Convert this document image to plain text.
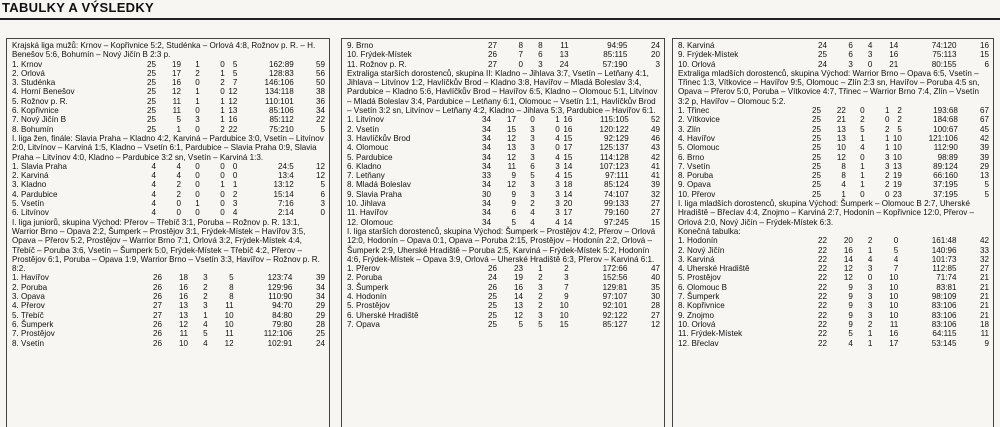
TABULKY A VÝSLEDKY

Krajská liga mužů: Krnov – Kopřivnice 5:2, Studénka – Orlová 4:8, Rožnov p. R. – H. Benešov 5:6, Bohumín – Nový Jičín B 2:3 p.

1. Krnov	25	19	1	0	5	162:89	59
2. Orlová	25	17	2	1	5	128:83	56
3. Studénka	25	16	0	2	7	146:106	50
4. Horní Benešov	25	12	1	0	12	134:118	38
5. Rožnov p. R.	25	11	1	1	12	110:101	36
6. Kopřivnice	25	11	0	1	13	85:106	34
7. Nový Jičín B	25	5	3	1	16	85:112	22
8. Bohumín	25	1	0	2	22	75:210	5

I. liga žen, finále: Slavia Praha – Kladno 4:2, Karviná – Pardubice 3:0, Vsetín – Litvínov 2:0, Litvínov – Karviná 1:5, Kladno – Vsetín 6:1, Pardubice – Slavia Praha 0:9, Slavia Praha – Litvínov 4:0, Kladno – Pardubice 3:2 sn, Vsetín – Karviná 1:3.

1. Slavia Praha	4	4	0	0	0	24:5	12
2. Karviná	4	4	0	0	0	13:4	12
3. Kladno	4	2	0	1	1	13:12	5
4. Pardubice	4	2	0	0	2	15:14	6
5. Vsetín	4	0	1	0	3	7:16	3
6. Litvínov	4	0	0	0	4	2:14	0

I. liga juniorů, skupina Východ: Přerov – Třebíč 3:1, Poruba – Rožnov p. R. 13:1, Warrior Brno – Opava 2:2, Šumperk – Prostějov 3:1, Frýdek-Místek – Havířov 3:5, Opava – Přerov 5:2, Prostějov – Warrior Brno 7:1, Orlová 3:2, Frýdek-Místek 4:4, Třebíč – Poruba 3:6, Vsetín – Šumperk 5:0, Frýdek-Místek – Třebíč 4:2, Přerov – Prostějov 6:1, Poruba – Opava 1:9, Warrior Brno – Vsetín 3:3, Havířov – Rožnov p. R. 8:2.

1. Havířov	26	18	3	5	123:74	39
2. Poruba	26	16	2	8	129:96	34
3. Opava	26	16	2	8	110:90	34
4. Přerov	27	13	3	11	94:70	29
5. Třebíč	27	13	1	10	84:80	29
6. Šumperk	26	12	4	10	79:80	28
7. Prostějov	26	11	5	11	112:106	25
8. Vsetín	26	10	4	12	102:91	24
9. Brno	27	8	8	11	94:95	24
10. Frýdek-Místek	26	7	6	13	85:115	20
11. Rožnov p. R.	27	0	3	24	57:190	3

Extraliga starších dorostenců, skupina II: Kladno – Jihlava 3:7, Vsetín – Letňany 4:1, Jihlava – Litvínov 1:2, Havlíčkův Brod – Kladno 3:8, Havířov – Mladá Boleslav 3:4, Pardubice – Kladno 5:6, Havlíčkův Brod – Havířov 6:5, Kladno – Olomouc 5:1, Litvínov – Mladá Boleslav 3:4, Pardubice – Letňany 6:1, Olomouc – Vsetín 1:1, Havlíčkův Brod – Vsetín 3:2 sn, Litvínov – Letňany 4:2, Kladno – Jihlava 5:3, Pardubice – Havířov 6:1.

1. Litvínov	34	17	0	1	16	115:105	52
2. Vsetín	34	15	3	0	16	120:122	49
3. Havlíčkův Brod	34	12	3	4	15	92:129	46
4. Olomouc	34	13	3	0	17	125:137	43
5. Pardubice	34	12	3	4	15	114:128	42
6. Kladno	34	11	6	3	14	107:123	41
7. Letňany	33	9	5	4	15	97:111	41
8. Mladá Boleslav	34	12	3	3	18	85:124	39
9. Slavia Praha	30	9	3	3	14	74:107	32
10. Jihlava	34	9	2	3	20	99:133	27
11. Havířov	34	6	4	3	17	79:160	27
12. Olomouc	34	5	4	4	14	97:245	15

I. liga starších dorostenců, skupina Východ: Šumperk – Prostějov 4:2, Přerov – Orlová 12:0, Hodonín – Opava 0:1, Opava – Poruba 2:15, Prostějov – Hodonín 2:2, Orlová – Šumperk 2:9, Uherské Hradiště – Poruba 2:5, Karviná – Frýdek-Místek 5:2, Hodonín 4:6, Frýdek-Místek – Opava 3:9, Orlová – Uherské Hradiště 6:3, Přerov – Karviná 6:1.

1. Přerov	26	23	1	2	172:66	47
2. Poruba	24	19	2	3	152:56	40
3. Šumperk	26	16	3	7	129:81	35
4. Hodonín	25	14	2	9	97:107	30
5. Prostějov	25	13	2	10	92:101	28
6. Uherské Hradiště	25	12	3	10	92:122	27
7. Opava	25	5	5	15	85:127	12
8. Karviná	24	6	4	14	74:120	16
9. Frýdek-Místek	25	6	3	16	75:113	15
10. Orlová	24	3	0	21	80:155	6

Extraliga mladších dorostenců, skupina Východ: Warrior Brno – Opava 6:5, Vsetín – Třinec 1:3, Vítkovice – Havířov 9:5, Olomouc – Zlín 2:3 sn, Havířov – Poruba 4:5 sn, Opava – Přerov 5:0, Poruba – Vítkovice 4:7, Třinec – Warrior Brno 7:4, Zlín – Vsetín 3:2 p, Havířov – Olomouc 5:2.

1. Třinec	25	22	0	1	2	193:68	67
2. Vítkovice	25	21	2	0	2	184:68	67
3. Zlín	25	13	5	2	5	100:67	45
4. Havířov	25	13	1	1	10	121:106	42
5. Olomouc	25	10	4	1	10	112:90	39
6. Brno	25	12	0	3	10	98:89	39
7. Vsetín	25	8	1	3	13	89:124	29
8. Poruba	25	8	1	2	19	66:160	13
9. Opava	25	4	1	2	19	37:195	5
10. Přerov	25	1	0	0	23	37:195	5

I. liga mladších dorostenců, skupina Východ: Šumperk – Olomouc B 2:7, Uherské Hradiště – Břeclav 4:4, Znojmo – Karviná 2:7, Hodonín – Kopřivnice 12:0, Přerov – Orlová 2:0, Nový Jičín – Frýdek-Místek 6:3.

Konečná tabulka:

1. Hodonín	22	20	2	0	161:48	42
2. Nový Jičín	22	16	1	5	140:96	33
3. Karviná	22	14	4	4	101:73	32
4. Uherské Hradiště	22	12	3	7	112:85	27
5. Prostějov	22	12	0	10	71:74	21
6. Olomouc B	22	9	3	10	83:81	21
7. Šumperk	22	9	3	10	98:109	21
8. Kopřivnice	22	9	3	10	83:106	21
9. Znojmo	22	9	3	10	83:106	21
10. Orlová	22	9	2	11	83:106	18
11. Frýdek-Místek	22	5	1	16	64:115	11
12. Břeclav	22	4	1	17	53:145	9
